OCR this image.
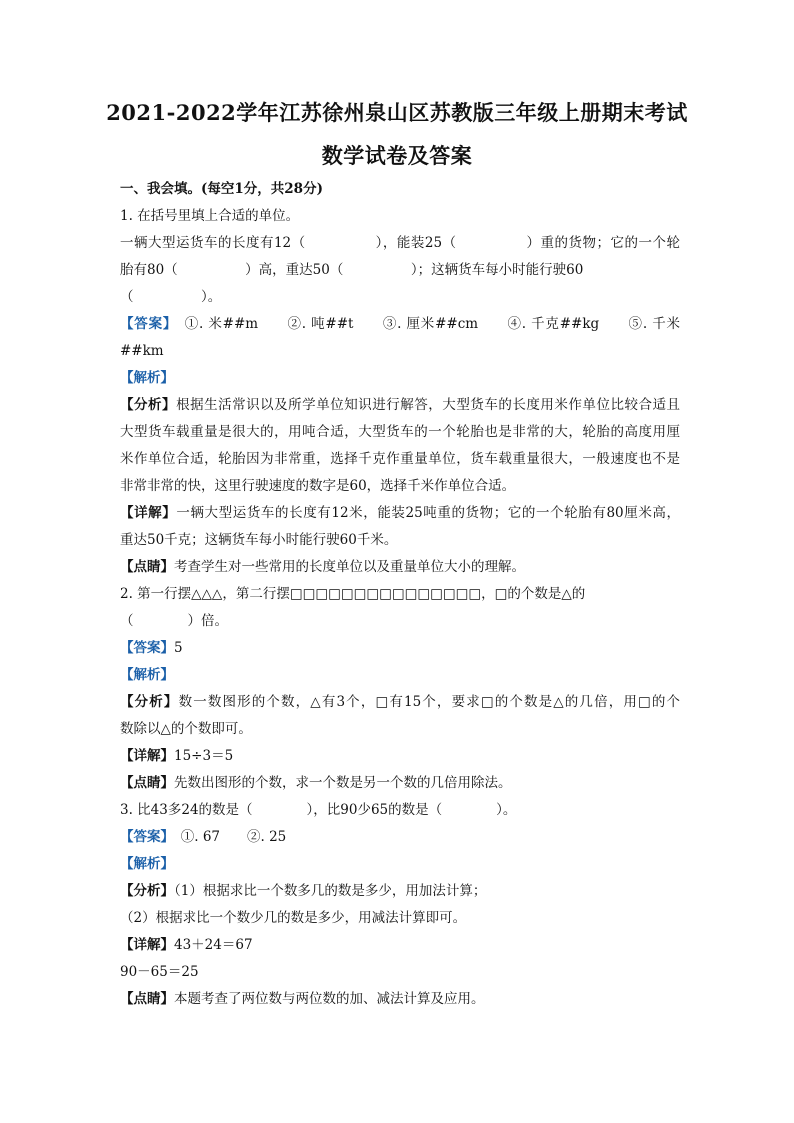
2021-2022学年江苏徐州泉山区苏教版三年级上册期末考试
数学试卷及答案
一、我会填。(每空1分，共28分)
1. 在括号里填上合适的单位。
一辆大型运货车的长度有12（　　　　　），能装25（　　　　　）重的货物；它的一个轮
胎有80（　　　　　）高，重达50（　　　　　）；这辆货车每小时能行驶60
（　　　　　）。
【答案】　①. 米##m　　②. 吨##t　　③. 厘米##cm　　④. 千克##kg　　⑤. 千米
##km
【解析】
【分析】根据生活常识以及所学单位知识进行解答，大型货车的长度用米作单位比较合适且
大型货车载重量是很大的，用吨合适，大型货车的一个轮胎也是非常的大，轮胎的高度用厘
米作单位合适，轮胎因为非常重，选择千克作重量单位，货车载重量很大，一般速度也不是
非常非常的快，这里行驶速度的数字是60，选择千米作单位合适。
【详解】一辆大型运货车的长度有12米，能装25吨重的货物；它的一个轮胎有80厘米高，
重达50千克；这辆货车每小时能行驶60千米。
【点睛】考查学生对一些常用的长度单位以及重量单位大小的理解。
2. 第一行摆△△△，第二行摆□□□□□□□□□□□□□□□，□的个数是△的
（　　　　）倍。
【答案】5
【解析】
【分析】数一数图形的个数，△有3个，□有15个，要求□的个数是△的几倍，用□的个
数除以△的个数即可。
【详解】15÷3＝5
【点睛】先数出图形的个数，求一个数是另一个数的几倍用除法。
3. 比43多24的数是（　　　　），比90少65的数是（　　　　）。
【答案】　①. 67　　②. 25
【解析】
【分析】（1）根据求比一个数多几的数是多少，用加法计算；
（2）根据求比一个数少几的数是多少，用减法计算即可。
【详解】43＋24＝67
90－65＝25
【点睛】本题考查了两位数与两位数的加、减法计算及应用。
